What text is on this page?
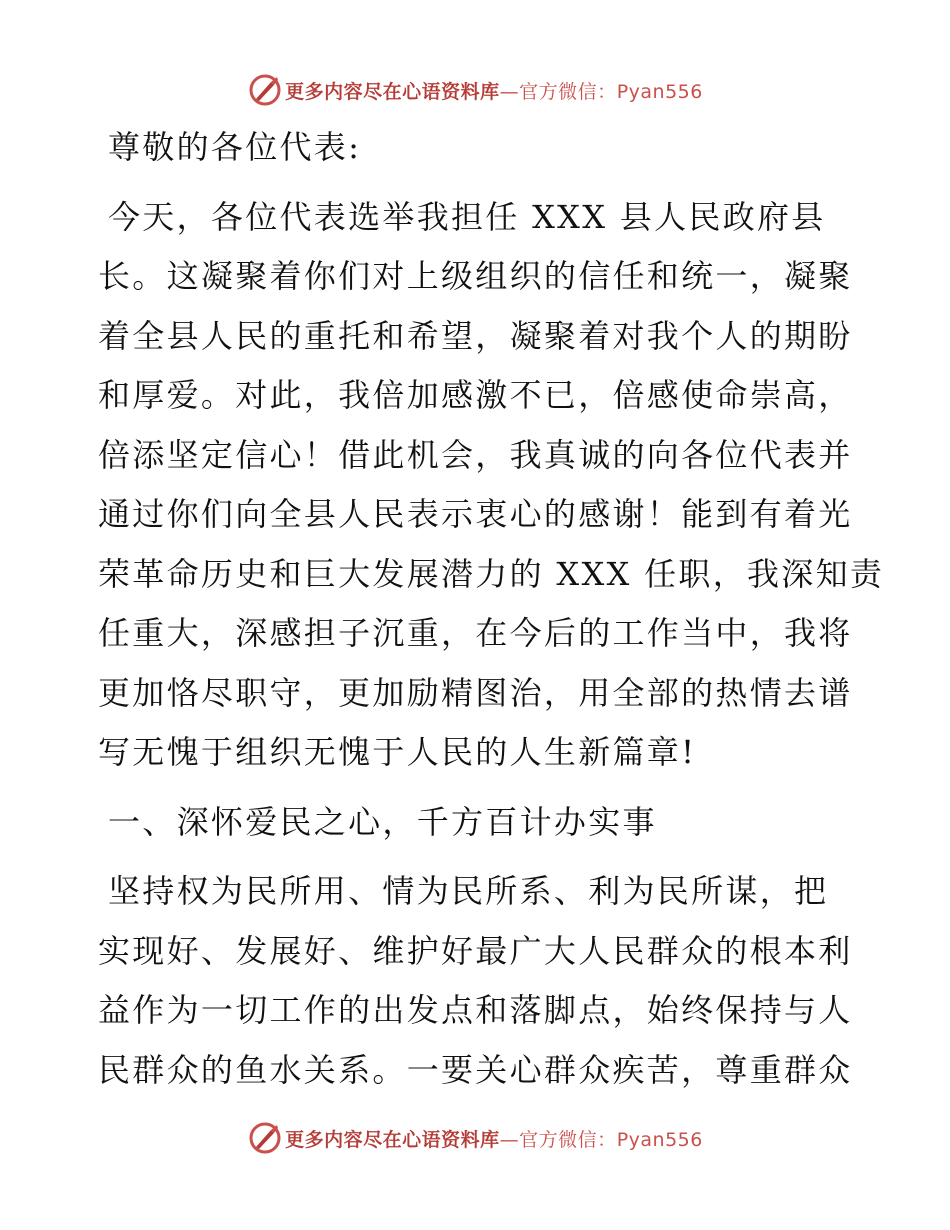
更多内容尽在心语资料库—官方微信：Pyan556
尊敬的各位代表:
今天，各位代表选举我担任 XXX 县人民政府县
长。这凝聚着你们对上级组织的信任和统一，凝聚
着全县人民的重托和希望，凝聚着对我个人的期盼
和厚爱。对此，我倍加感激不已，倍感使命崇高，
倍添坚定信心！借此机会，我真诚的向各位代表并
通过你们向全县人民表示衷心的感谢！能到有着光
荣革命历史和巨大发展潜力的 XXX 任职，我深知责
任重大，深感担子沉重，在今后的工作当中，我将
更加恪尽职守，更加励精图治，用全部的热情去谱
写无愧于组织无愧于人民的人生新篇章!
一、深怀爱民之心，千方百计办实事
坚持权为民所用、情为民所系、利为民所谋，把
实现好、发展好、维护好最广大人民群众的根本利
益作为一切工作的出发点和落脚点，始终保持与人
民群众的鱼水关系。一要关心群众疾苦，尊重群众
更多内容尽在心语资料库—官方微信：Pyan556
